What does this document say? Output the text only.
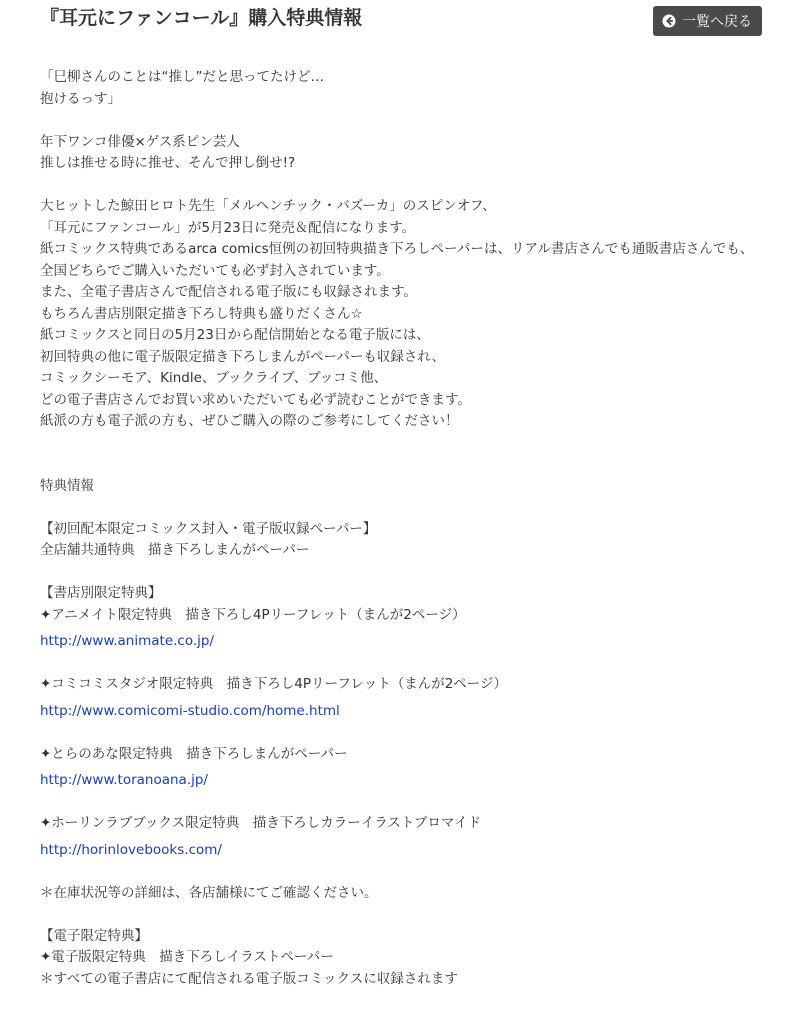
『耳元にファンコール』購入特典情報	一覧へ戻る
「巳柳さんのことは“推し”だと思ってたけど…
抱けるっす」
年下ワンコ俳優×ゲス系ピン芸人
推しは推せる時に推せ、そんで押し倒せ!?
大ヒットした鯨田ヒロト先生「メルヘンチック・バズーカ」のスピンオフ、
「耳元にファンコール」が5月23日に発売＆配信になります。
紙コミックス特典であるarca comics恒例の初回特典描き下ろしペーパーは、リアル書店さんでも通販書店さんでも、
全国どちらでご購入いただいても必ず封入されています。
また、全電子書店さんで配信される電子版にも収録されます。
もちろん書店別限定描き下ろし特典も盛りだくさん☆
紙コミックスと同日の5月23日から配信開始となる電子版には、
初回特典の他に電子版限定描き下ろしまんがペーパーも収録され、
コミックシーモア、Kindle、ブックライブ、ブッコミ他、
どの電子書店さんでお買い求めいただいても必ず読むことができます。
紙派の方も電子派の方も、ぜひご購入の際のご参考にしてください！
特典情報
【初回配本限定コミックス封入・電子版収録ペーパー】
全店舗共通特典　描き下ろしまんがペーパー
【書店別限定特典】
✦アニメイト限定特典　描き下ろし4Pリーフレット（まんが2ページ）
http://www.animate.co.jp/
✦コミコミスタジオ限定特典　描き下ろし4Pリーフレット（まんが2ページ）
http://www.comicomi-studio.com/home.html
✦とらのあな限定特典　描き下ろしまんがペーパー
http://www.toranoana.jp/
✦ホーリンラブブックス限定特典　描き下ろしカラーイラストブロマイド
http://horinlovebooks.com/
＊在庫状況等の詳細は、各店舗様にてご確認ください。
【電子限定特典】
✦電子版限定特典　描き下ろしイラストペーパー
＊すべての電子書店にて配信される電子版コミックスに収録されます
